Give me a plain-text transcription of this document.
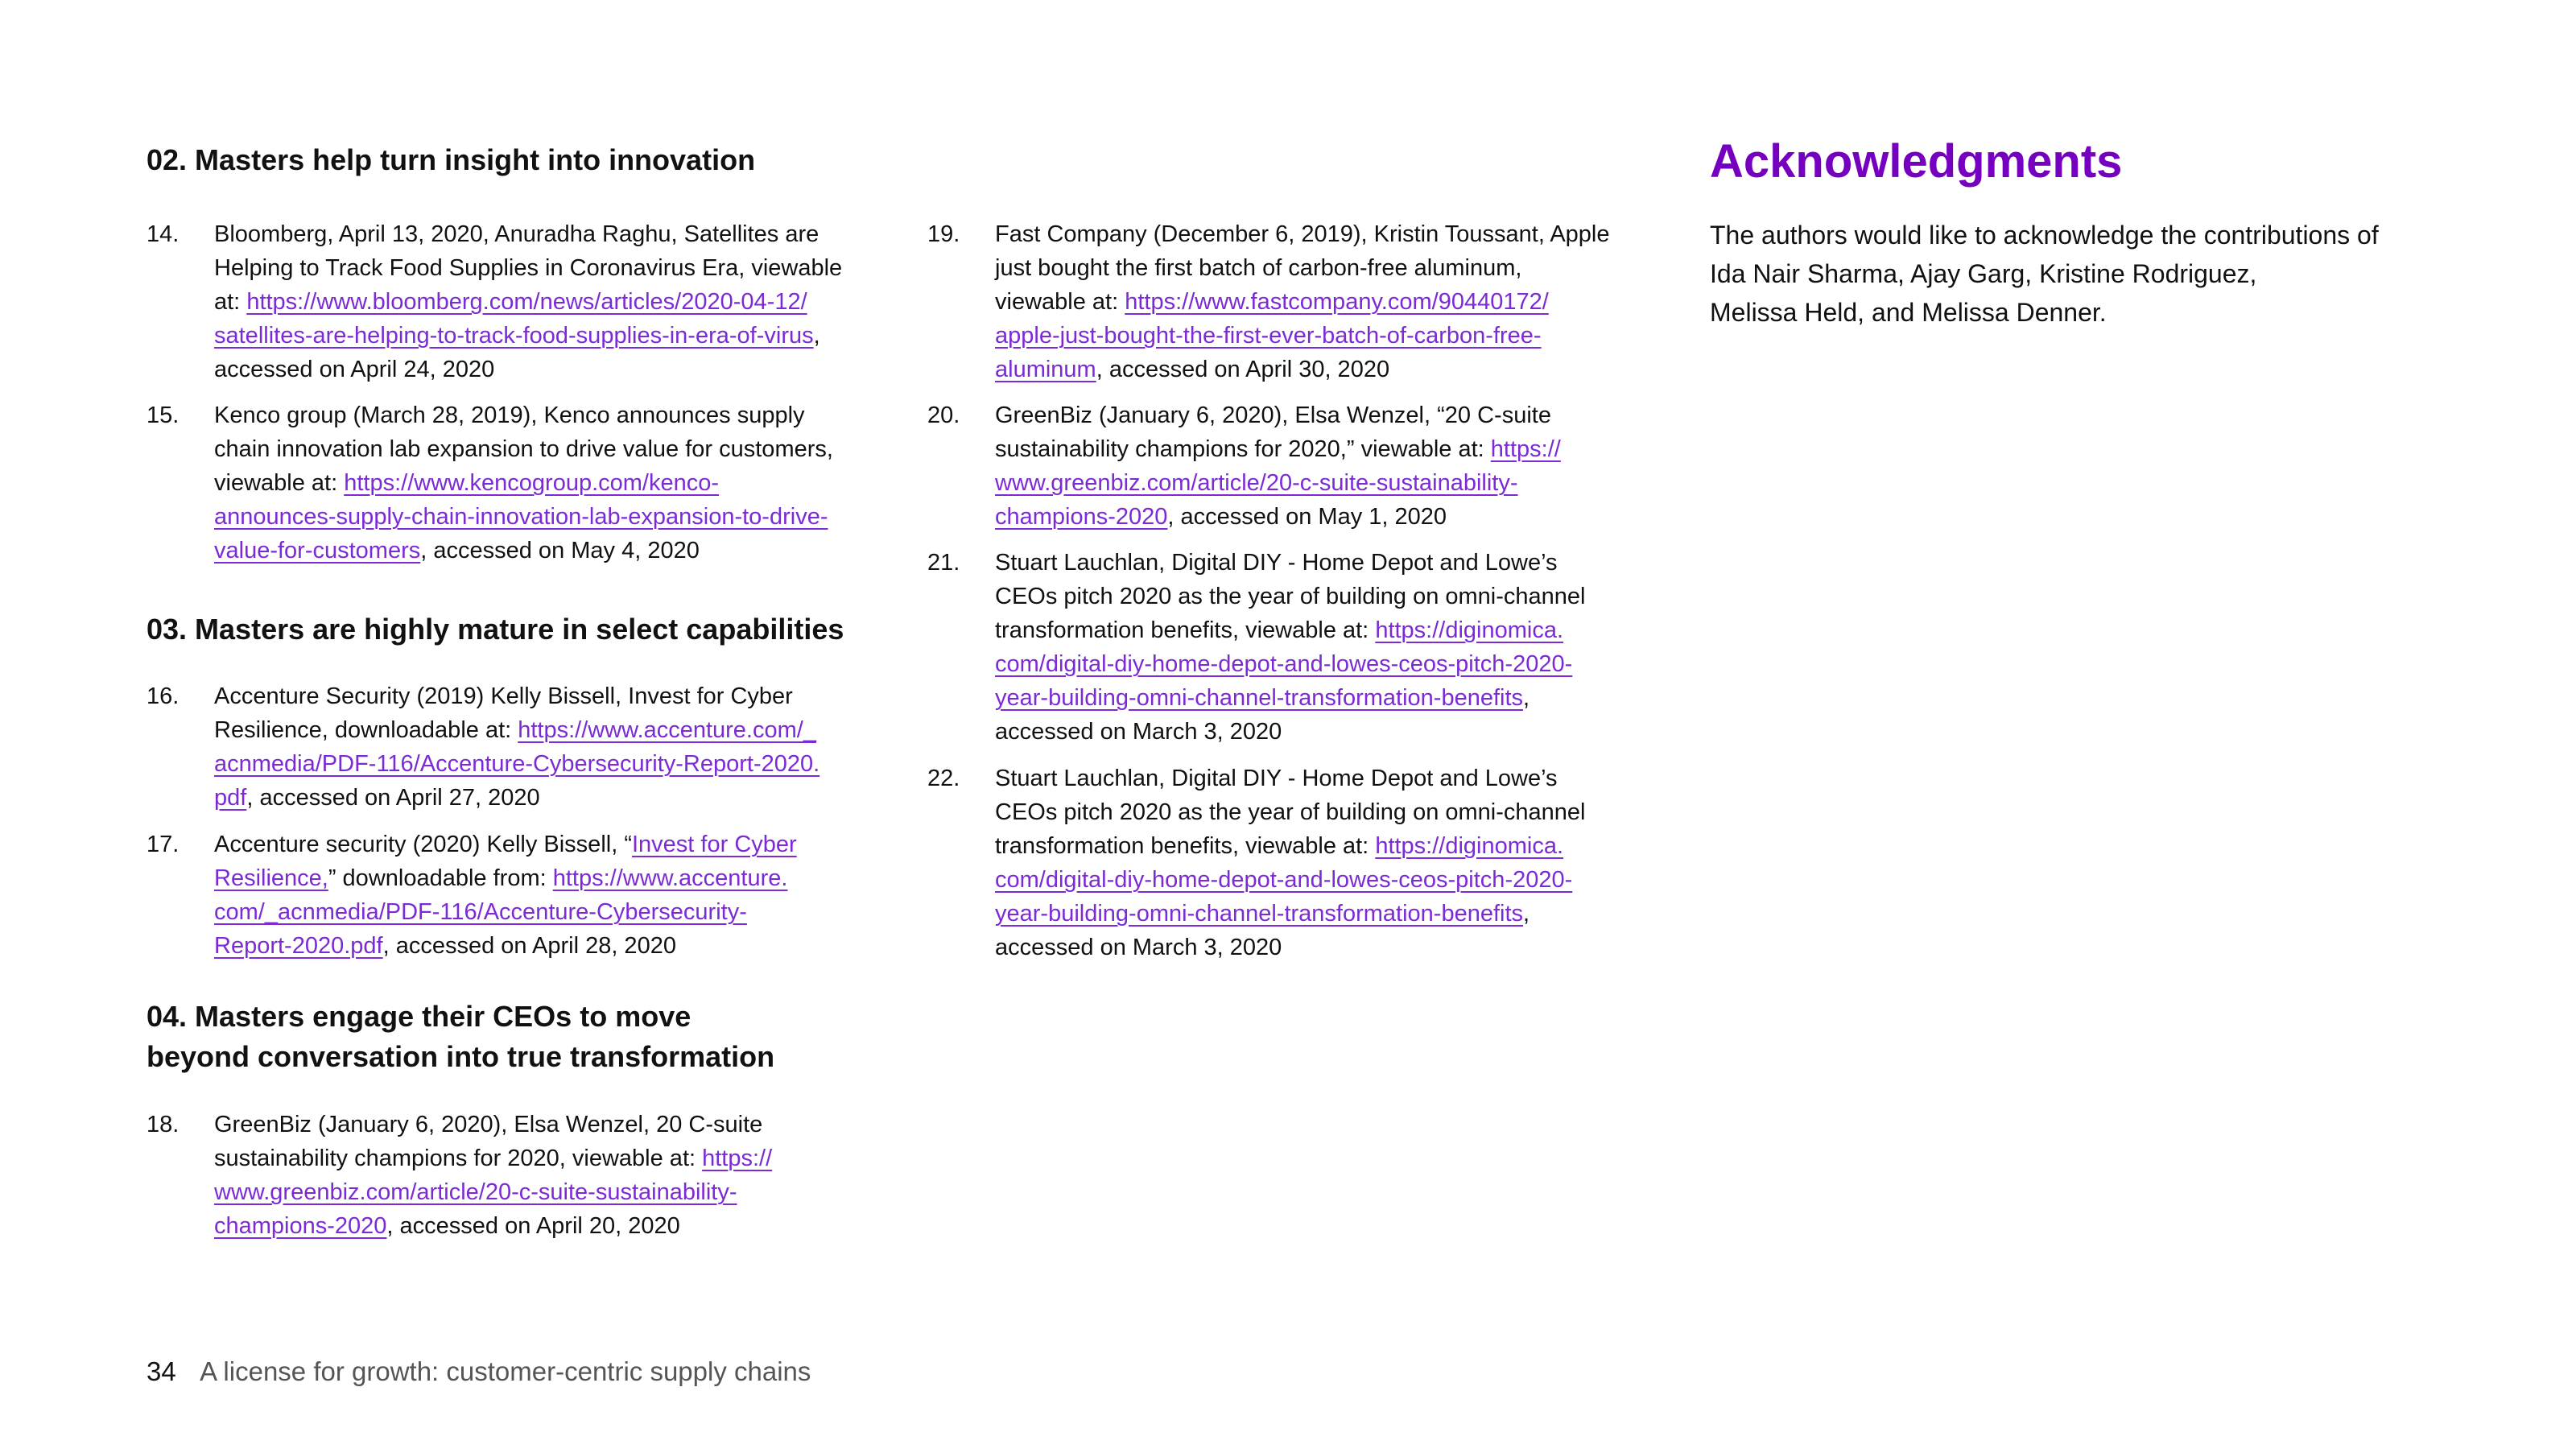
02. Masters help turn insight into innovation
14.	Bloomberg, April 13, 2020, Anuradha Raghu, Satellites are
Helping to Track Food Supplies in Coronavirus Era, viewable
at: https://www.bloomberg.com/news/articles/2020-04-12/
satellites-are-helping-to-track-food-supplies-in-era-of-virus,
accessed on April 24, 2020
15.	Kenco group (March 28, 2019), Kenco announces supply
chain innovation lab expansion to drive value for customers,
viewable at: https://www.kencogroup.com/kenco-
announces-supply-chain-innovation-lab-expansion-to-drive-
value-for-customers, accessed on May 4, 2020
03. Masters are highly mature in select capabilities
16.	Accenture Security (2019) Kelly Bissell, Invest for Cyber
Resilience, downloadable at: https://www.accenture.com/_
acnmedia/PDF-116/Accenture-Cybersecurity-Report-2020.
pdf, accessed on April 27, 2020
17.	Accenture security (2020) Kelly Bissell, “Invest for Cyber
Resilience,” downloadable from: https://www.accenture.
com/_acnmedia/PDF-116/Accenture-Cybersecurity-
Report-2020.pdf, accessed on April 28, 2020
04. Masters engage their CEOs to move
beyond conversation into true transformation
18.	GreenBiz (January 6, 2020), Elsa Wenzel, 20 C-suite
sustainability champions for 2020, viewable at: https://
www.greenbiz.com/article/20-c-suite-sustainability-
champions-2020, accessed on April 20, 2020
19.	Fast Company (December 6, 2019), Kristin Toussant, Apple
just bought the first batch of carbon-free aluminum,
viewable at: https://www.fastcompany.com/90440172/
apple-just-bought-the-first-ever-batch-of-carbon-free-
aluminum, accessed on April 30, 2020
20.	GreenBiz (January 6, 2020), Elsa Wenzel, “20 C-suite
sustainability champions for 2020,” viewable at: https://
www.greenbiz.com/article/20-c-suite-sustainability-
champions-2020, accessed on May 1, 2020
21.	Stuart Lauchlan, Digital DIY - Home Depot and Lowe’s
CEOs pitch 2020 as the year of building on omni-channel
transformation benefits, viewable at: https://diginomica.
com/digital-diy-home-depot-and-lowes-ceos-pitch-2020-
year-building-omni-channel-transformation-benefits,
accessed on March 3, 2020
22.	Stuart Lauchlan, Digital DIY - Home Depot and Lowe’s
CEOs pitch 2020 as the year of building on omni-channel
transformation benefits, viewable at: https://diginomica.
com/digital-diy-home-depot-and-lowes-ceos-pitch-2020-
year-building-omni-channel-transformation-benefits,
accessed on March 3, 2020
Acknowledgments

The authors would like to acknowledge the contributions of
Ida Nair Sharma, Ajay Garg, Kristine Rodriguez,
Melissa Held, and Melissa Denner.

34 A license for growth: customer-centric supply chains
